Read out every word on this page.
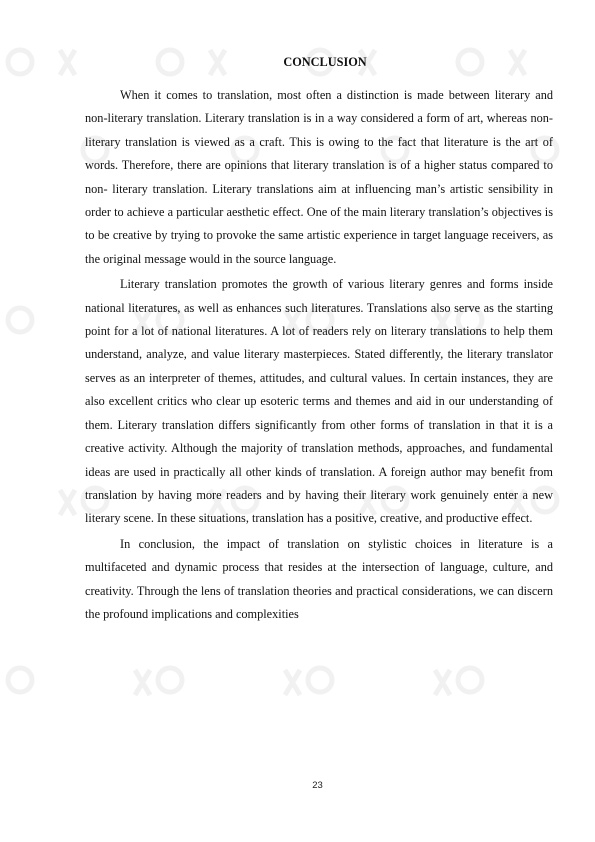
CONCLUSION

When it comes to translation, most often a distinction is made between literary and non-literary translation. Literary translation is in a way considered a form of art, whereas non-literary translation is viewed as a craft. This is owing to the fact that literature is the art of words. Therefore, there are opinions that literary translation is of a higher status compared to non- literary translation. Literary translations aim at influencing man’s artistic sensibility in order to achieve a particular aesthetic effect. One of the main literary translation’s objectives is to be creative by trying to provoke the same artistic experience in target language receivers, as the original message would in the source language.

Literary translation promotes the growth of various literary genres and forms inside national literatures, as well as enhances such literatures. Translations also serve as the starting point for a lot of national literatures. A lot of readers rely on literary translations to help them understand, analyze, and value literary masterpieces. Stated differently, the literary translator serves as an interpreter of themes, attitudes, and cultural values. In certain instances, they are also excellent critics who clear up esoteric terms and themes and aid in our understanding of them. Literary translation differs significantly from other forms of translation in that it is a creative activity. Although the majority of translation methods, approaches, and fundamental ideas are used in practically all other kinds of translation. A foreign author may benefit from translation by having more readers and by having their literary work genuinely enter a new literary scene. In these situations, translation has a positive, creative, and productive effect.

In conclusion, the impact of translation on stylistic choices in literature is a multifaceted and dynamic process that resides at the intersection of language, culture, and creativity. Through the lens of translation theories and practical considerations, we can discern the profound implications and complexities

23
